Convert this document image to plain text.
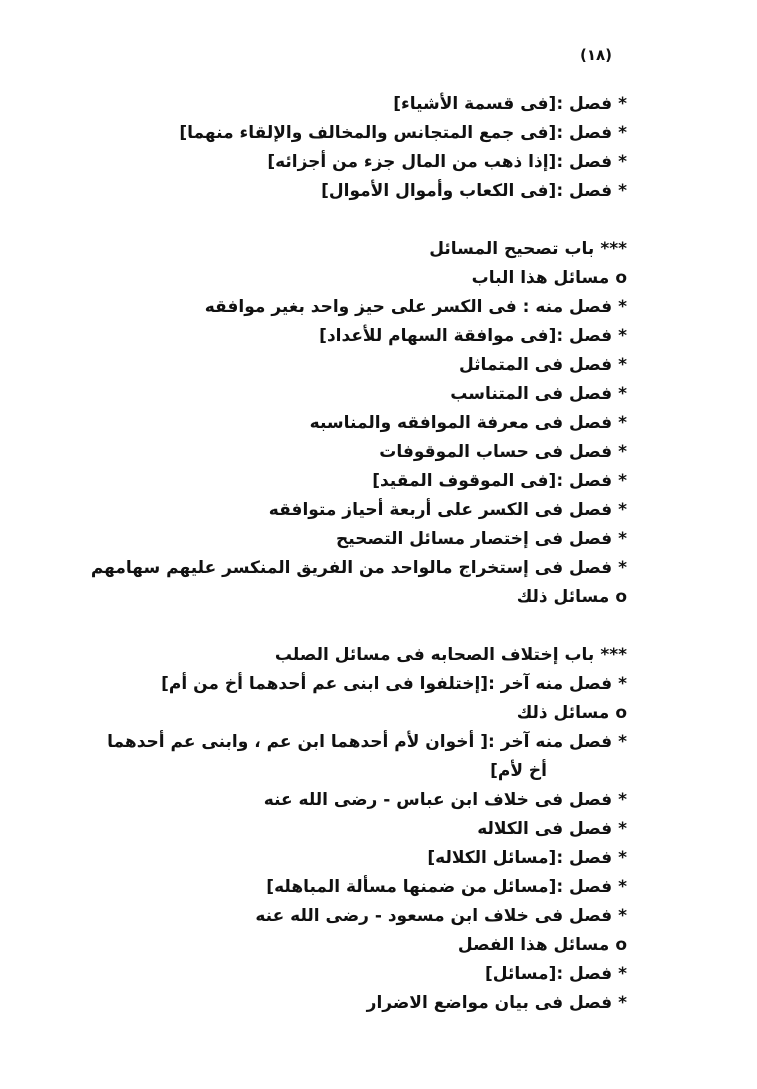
(١٨)
*فصل :[فى قسمة الأشياء]
*فصل :[فى جمع المتجانس والمخالف والإلقاء منهما]
*فصل :[إذا ذهب من المال جزء من أجزائه]
*فصل :[فى الكعاب وأموال الأموال]
***باب تصحيح المسائل
oمسائل هذا الباب
*فصل منه : فى الكسر على حيز واحد بغير موافقه
*فصل :[فى موافقة السهام للأعداد]
*فصل فى المتماثل
*فصل فى المتناسب
*فصل فى معرفة الموافقه والمناسبه
*فصل فى حساب الموقوفات
*فصل :[فى الموقوف المقيد]
*فصل فى الكسر على أربعة أحياز متوافقه
*فصل فى إختصار مسائل التصحيح
*فصل فى إستخراج مالواحد من الفريق المنكسر عليهم سهامهم
oمسائل ذلك
***باب إختلاف الصحابه فى مسائل الصلب
*فصل منه آخر :[إختلفوا فى ابنى عم أحدهما أخ من أم]
oمسائل ذلك
*فصل منه آخر :[ أخوان لأم أحدهما ابن عم ، وابنى عم أحدهما
أخ لأم]
*فصل فى خلاف ابن عباس - رضى الله عنه
*فصل فى الكلاله
*فصل :[مسائل الكلاله]
*فصل :[مسائل من ضمنها مسألة المباهله]
*فصل فى خلاف ابن مسعود - رضى الله عنه
oمسائل هذا الفصل
*فصل :[مسائل]
*فصل فى بيان مواضع الاضرار
